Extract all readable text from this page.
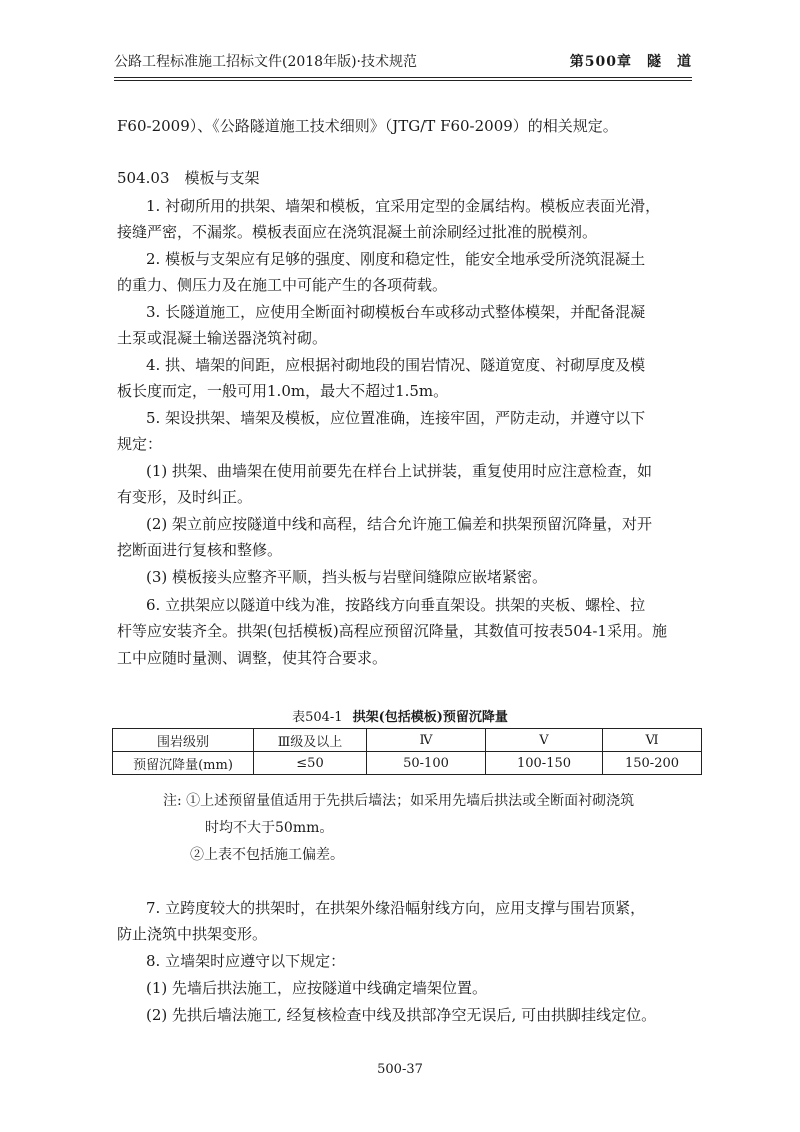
公路工程标准施工招标文件(2018年版)·技术规范	第500章　隧　道
F60-2009）、《公路隧道施工技术细则》（JTG/T F60-2009）的相关规定。
504.03　模板与支架
1. 衬砌所用的拱架、墙架和模板，宜采用定型的金属结构。模板应表面光滑，
接缝严密，不漏浆。模板表面应在浇筑混凝土前涂刷经过批准的脱模剂。
2. 模板与支架应有足够的强度、刚度和稳定性，能安全地承受所浇筑混凝土
的重力、侧压力及在施工中可能产生的各项荷载。
3. 长隧道施工，应使用全断面衬砌模板台车或移动式整体模架，并配备混凝
土泵或混凝土输送器浇筑衬砌。
4. 拱、墙架的间距，应根据衬砌地段的围岩情况、隧道宽度、衬砌厚度及模
板长度而定，一般可用1.0m，最大不超过1.5m。
5. 架设拱架、墙架及模板，应位置准确，连接牢固，严防走动，并遵守以下
规定：
(1) 拱架、曲墙架在使用前要先在样台上试拼装，重复使用时应注意检查，如
有变形，及时纠正。
(2) 架立前应按隧道中线和高程，结合允许施工偏差和拱架预留沉降量，对开
挖断面进行复核和整修。
(3) 模板接头应整齐平顺，挡头板与岩壁间缝隙应嵌堵紧密。
6. 立拱架应以隧道中线为准，按路线方向垂直架设。拱架的夹板、螺栓、拉
杆等应安装齐全。拱架(包括模板)高程应预留沉降量，其数值可按表504-1采用。施
工中应随时量测、调整，使其符合要求。
表504-1 拱架(包括模板)预留沉降量
围岩级别	Ⅲ级及以上	Ⅳ	Ⅴ	Ⅵ
预留沉降量(mm)	≤50	50-100	100-150	150-200
注: ①上述预留量值适用于先拱后墙法；如采用先墙后拱法或全断面衬砌浇筑
时均不大于50mm。
②上表不包括施工偏差。
7. 立跨度较大的拱架时，在拱架外缘沿幅射线方向，应用支撑与围岩顶紧，
防止浇筑中拱架变形。
8. 立墙架时应遵守以下规定：
(1) 先墙后拱法施工，应按隧道中线确定墙架位置。
(2) 先拱后墙法施工, 经复核检查中线及拱部净空无误后, 可由拱脚挂线定位。
500-37
